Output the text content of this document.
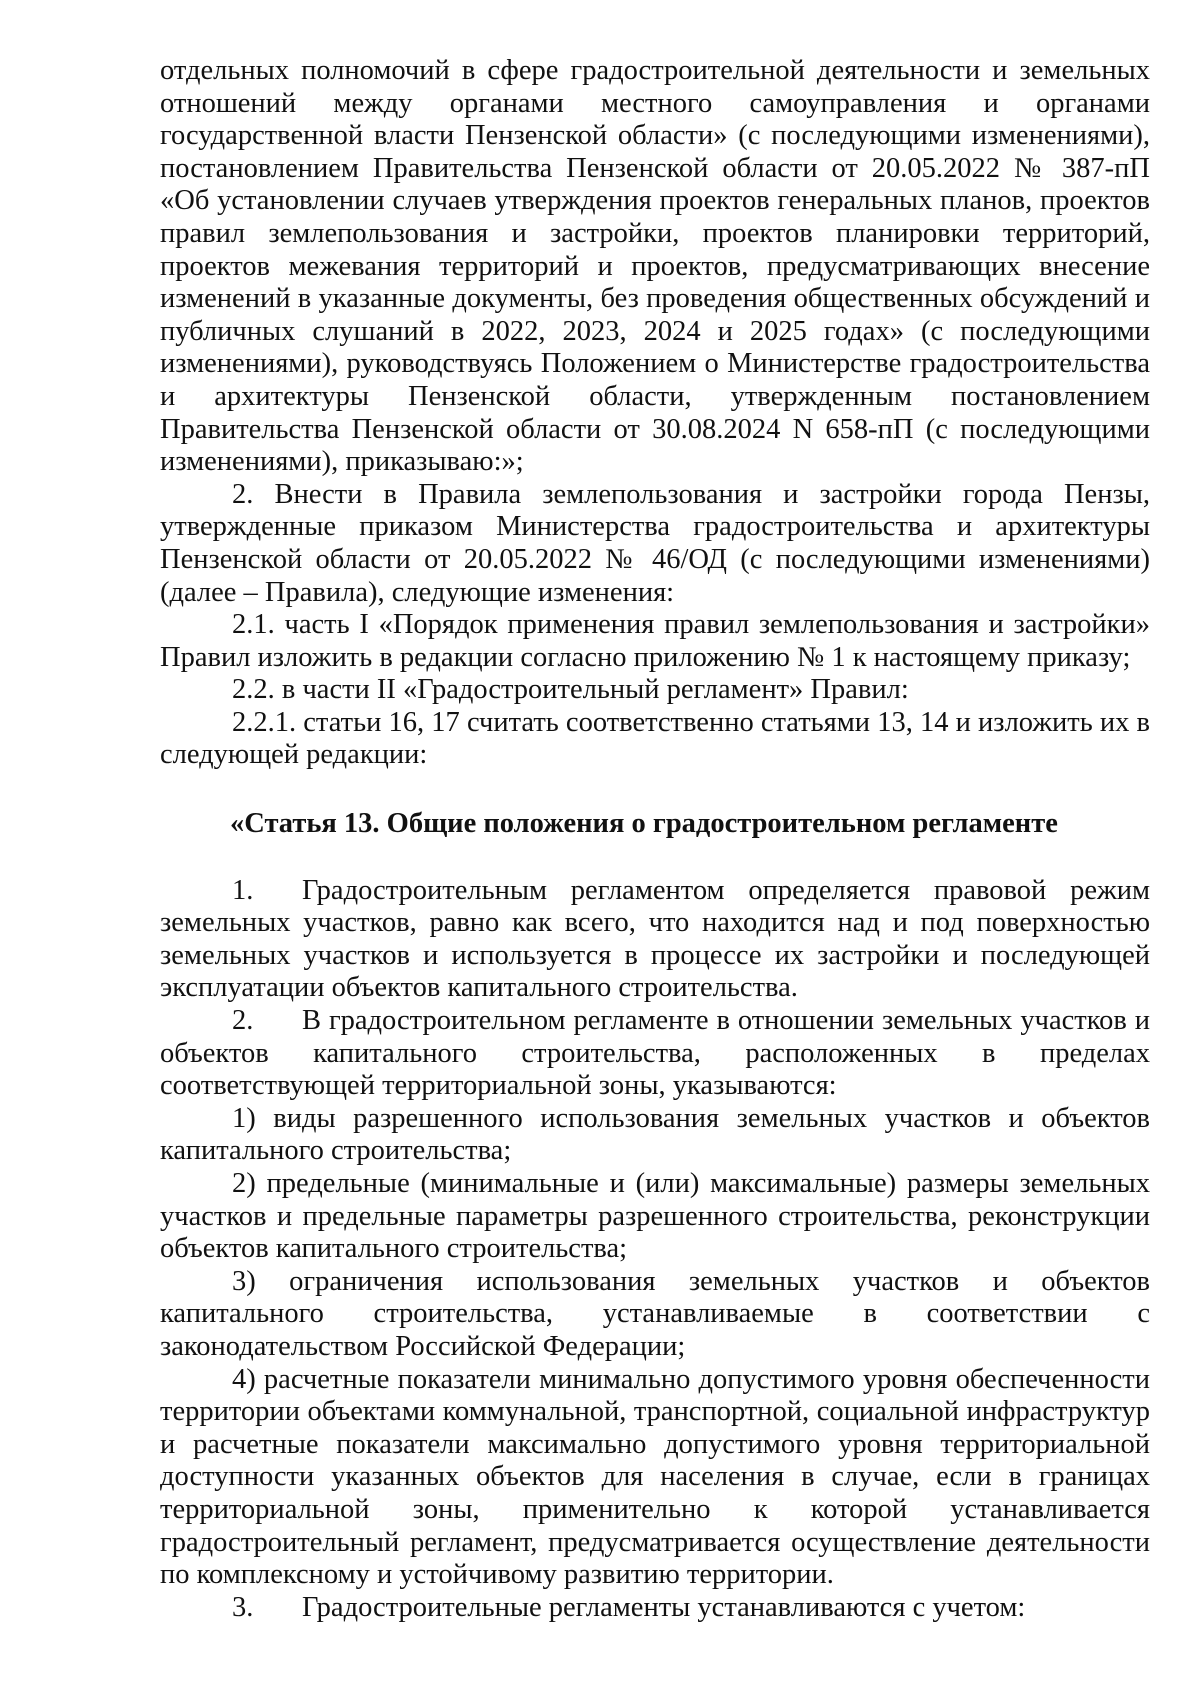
отдельных полномочий в сфере градостроительной деятельности и земельных отношений между органами местного самоуправления и органами государственной власти Пензенской области» (с последующими изменениями), постановлением Правительства Пензенской области от 20.05.2022 № 387-пП «Об установлении случаев утверждения проектов генеральных планов, проектов правил землепользования и застройки, проектов планировки территорий, проектов межевания территорий и проектов, предусматривающих внесение изменений в указанные документы, без проведения общественных обсуждений и публичных слушаний в 2022, 2023, 2024 и 2025 годах» (с последующими изменениями), руководствуясь Положением о Министерстве градостроительства и архитектуры Пензенской области, утвержденным постановлением Правительства Пензенской области от 30.08.2024 N 658-пП (с последующими изменениями), приказываю:»;

2. Внести в Правила землепользования и застройки города Пензы, утвержденные приказом Министерства градостроительства и архитектуры Пензенской области от 20.05.2022 № 46/ОД (с последующими изменениями) (далее – Правила), следующие изменения:

2.1. часть I «Порядок применения правил землепользования и застройки» Правил изложить в редакции согласно приложению № 1 к настоящему приказу;

2.2. в части II «Градостроительный регламент» Правил:

2.2.1. статьи 16, 17 считать соответственно статьями 13, 14 и изложить их в следующей редакции:

«Статья 13. Общие положения о градостроительном регламенте

1. Градостроительным регламентом определяется правовой режим земельных участков, равно как всего, что находится над и под поверхностью земельных участков и используется в процессе их застройки и последующей эксплуатации объектов капитального строительства.

2. В градостроительном регламенте в отношении земельных участков и объектов капитального строительства, расположенных в пределах соответствующей территориальной зоны, указываются:

1) виды разрешенного использования земельных участков и объектов капитального строительства;

2) предельные (минимальные и (или) максимальные) размеры земельных участков и предельные параметры разрешенного строительства, реконструкции объектов капитального строительства;

3) ограничения использования земельных участков и объектов капитального строительства, устанавливаемые в соответствии с законодательством Российской Федерации;

4) расчетные показатели минимально допустимого уровня обеспеченности территории объектами коммунальной, транспортной, социальной инфраструктур и расчетные показатели максимально допустимого уровня территориальной доступности указанных объектов для населения в случае, если в границах территориальной зоны, применительно к которой устанавливается градостроительный регламент, предусматривается осуществление деятельности по комплексному и устойчивому развитию территории.

3. Градостроительные регламенты устанавливаются с учетом:
